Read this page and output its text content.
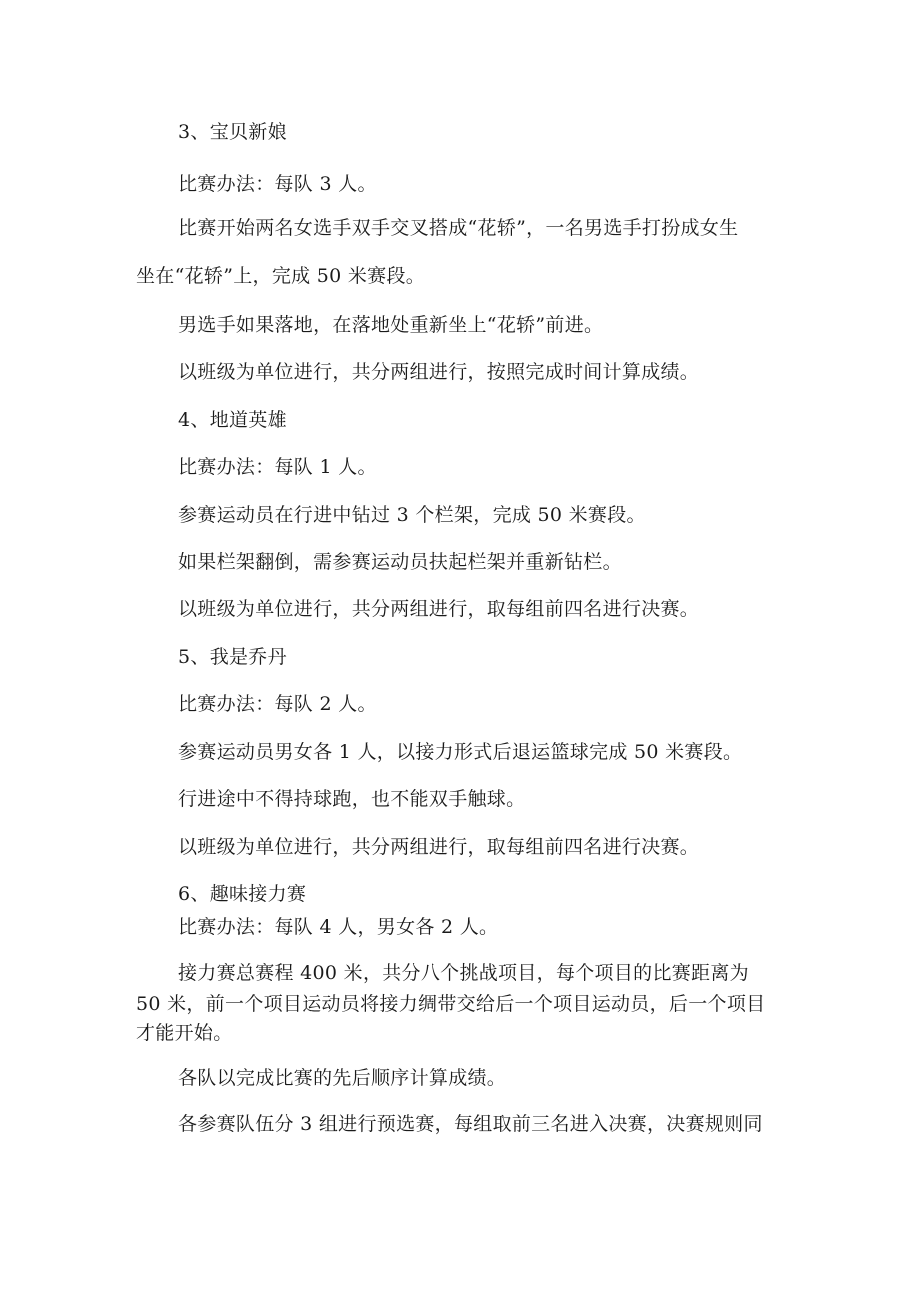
3、宝贝新娘
比赛办法：每队 3 人。
比赛开始两名女选手双手交叉搭成“花轿”，一名男选手打扮成女生
坐在“花轿”上，完成 50 米赛段。
男选手如果落地，在落地处重新坐上“花轿”前进。
以班级为单位进行，共分两组进行，按照完成时间计算成绩。
4、地道英雄
比赛办法：每队 1 人。
参赛运动员在行进中钻过 3 个栏架，完成 50 米赛段。
如果栏架翻倒，需参赛运动员扶起栏架并重新钻栏。
以班级为单位进行，共分两组进行，取每组前四名进行决赛。
5、我是乔丹
比赛办法：每队 2 人。
参赛运动员男女各 1 人，以接力形式后退运篮球完成 50 米赛段。
行进途中不得持球跑，也不能双手触球。
以班级为单位进行，共分两组进行，取每组前四名进行决赛。
6、趣味接力赛
比赛办法：每队 4 人，男女各 2 人。
接力赛总赛程 400 米，共分八个挑战项目，每个项目的比赛距离为
50 米，前一个项目运动员将接力绸带交给后一个项目运动员，后一个项目
才能开始。
各队以完成比赛的先后顺序计算成绩。
各参赛队伍分 3 组进行预选赛，每组取前三名进入决赛，决赛规则同
